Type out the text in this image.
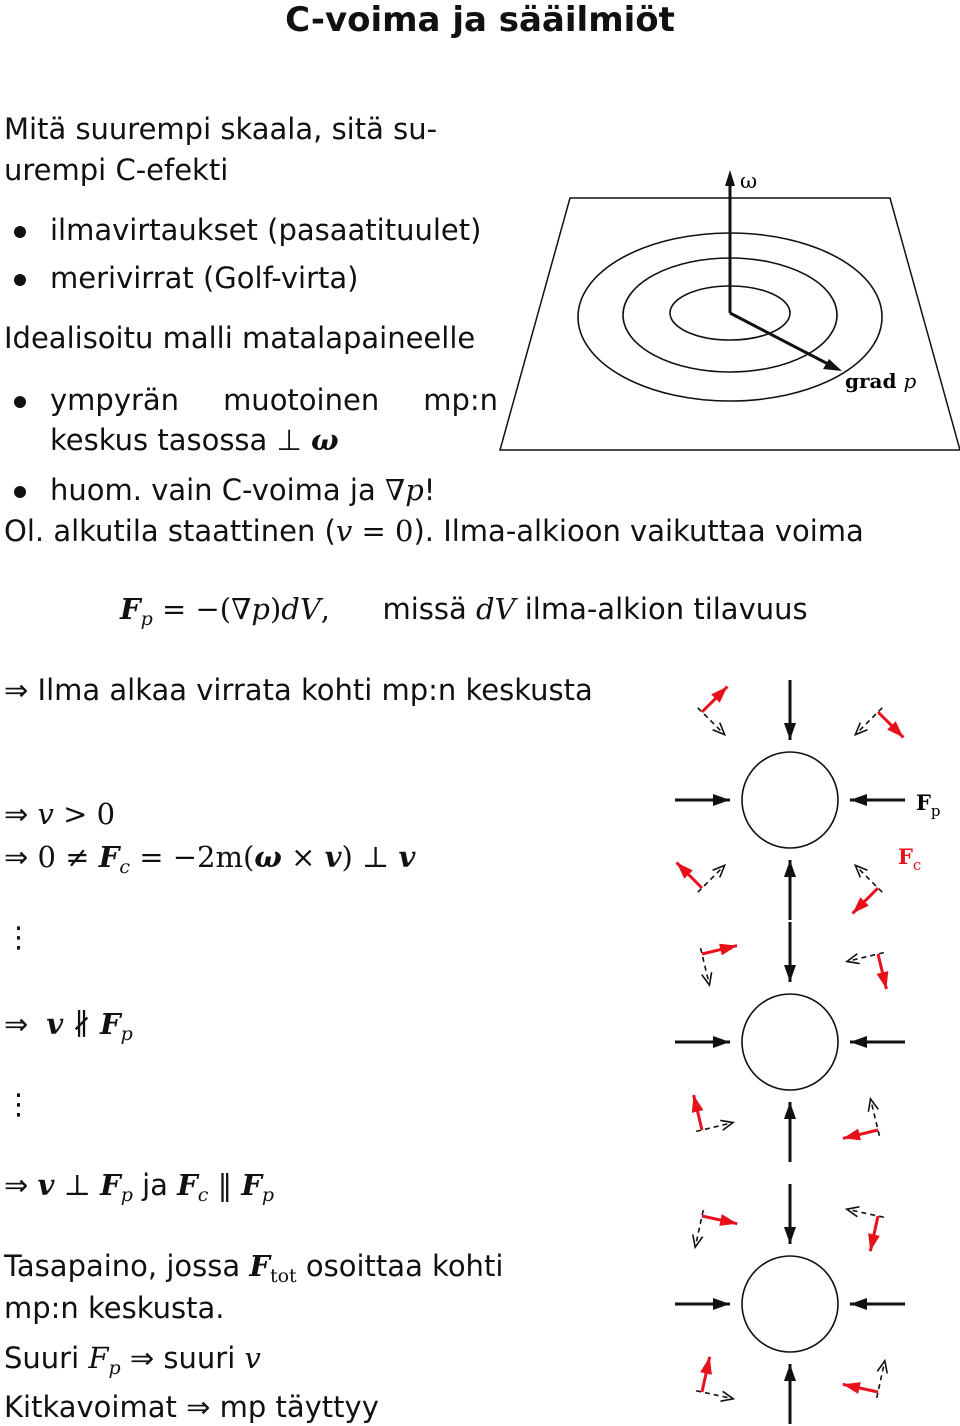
C-voima ja sääilmiöt
Mitä suurempi skaala, sitä su-
urempi C-efekti
ilmavirtaukset (pasaatituulet)
merivirrat (Golf-virta)
Idealisoitu malli matalapaineelle
ympyrän muotoinen mp:n
keskus tasossa ⊥ ω
huom. vain C-voima ja ∇p!
Ol. alkutila staattinen (v = 0). Ilma-alkioon vaikuttaa voima
$F_p = -(\nabla p)dV$, missä dV ilma-alkion tilavuus
⇒ Ilma alkaa virrata kohti mp:n keskusta
⇒ v > 0
⇒ $0 \ne F_c = -2m(\omega \times v)$ ⊥ v
⋮
⇒ v ∦ $F_p$
⋮
⇒ v ⊥ $F_p$ ja $F_c$ ‖ $F_p$
Tasapaino, jossa $F_{tot}$ osoittaa kohti
mp:n keskusta.
Suuri $F_p$ ⇒ suuri v
Kitkavoimat ⇒ mp täyttyy
ω
grad p
$F_p$
$F_c$
